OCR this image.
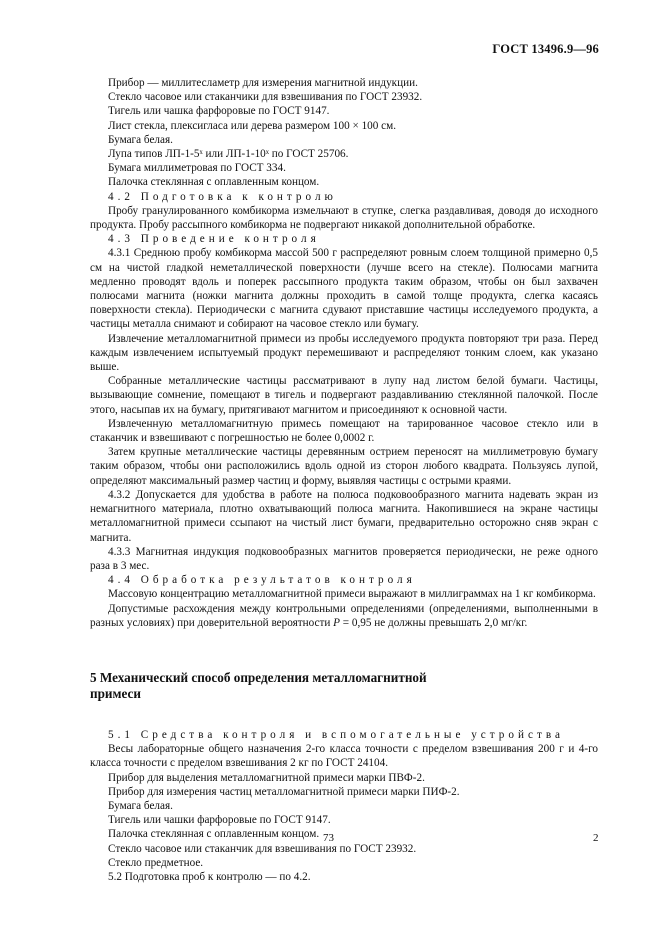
ГОСТ 13496.9—96

Прибор — миллитесламетр для измерения магнитной индукции.

Стекло часовое или стаканчики для взвешивания по ГОСТ 23932.

Тигель или чашка фарфоровые по ГОСТ 9147.

Лист стекла, плексигласа или дерева размером 100 × 100 см.

Бумага белая.

Лупа типов ЛП-1-5ˣ или ЛП-1-10ˣ по ГОСТ 25706.

Бумага миллиметровая по ГОСТ 334.

Палочка стеклянная с оплавленным концом.

4.2 Подготовка к контролю

Пробу гранулированного комбикорма измельчают в ступке, слегка раздавливая, доводя до исходного продукта. Пробу рассыпного комбикорма не подвергают никакой дополнительной обработке.

4.3 Проведение контроля

4.3.1 Среднюю пробу комбикорма массой 500 г распределяют ровным слоем толщиной примерно 0,5 см на чистой гладкой неметаллической поверхности (лучше всего на стекле). Полюсами магнита медленно проводят вдоль и поперек рассыпного продукта таким образом, чтобы он был захвачен полюсами магнита (ножки магнита должны проходить в самой толще продукта, слегка касаясь поверхности стекла). Периодически с магнита сдувают приставшие частицы исследуемого продукта, а частицы металла снимают и собирают на часовое стекло или бумагу.

Извлечение металломагнитной примеси из пробы исследуемого продукта повторяют три раза. Перед каждым извлечением испытуемый продукт перемешивают и распределяют тонким слоем, как указано выше.

Собранные металлические частицы рассматривают в лупу над листом белой бумаги. Частицы, вызывающие сомнение, помещают в тигель и подвергают раздавливанию стеклянной палочкой. После этого, насыпав их на бумагу, притягивают магнитом и присоединяют к основной части.

Извлеченную металломагнитную примесь помещают на тарированное часовое стекло или в стаканчик и взвешивают с погрешностью не более 0,0002 г.

Затем крупные металлические частицы деревянным острием переносят на миллиметровую бумагу таким образом, чтобы они расположились вдоль одной из сторон любого квадрата. Пользуясь лупой, определяют максимальный размер частиц и форму, выявляя частицы с острыми краями.

4.3.2 Допускается для удобства в работе на полюса подковообразного магнита надевать экран из немагнитного материала, плотно охватывающий полюса магнита. Накопившиеся на экране частицы металломагнитной примеси ссыпают на чистый лист бумаги, предварительно осторожно сняв экран с магнита.

4.3.3 Магнитная индукция подковообразных магнитов проверяется периодически, не реже одного раза в 3 мес.

4.4 Обработка результатов контроля

Массовую концентрацию металломагнитной примеси выражают в миллиграммах на 1 кг комбикорма.

Допустимые расхождения между контрольными определениями (определениями, выполненными в разных условиях) при доверительной вероятности P = 0,95 не должны превышать 2,0 мг/кг.

5 Механический способ определения металломагнитной примеси

5.1 Средства контроля и вспомогательные устройства

Весы лабораторные общего назначения 2-го класса точности с пределом взвешивания 200 г и 4-го класса точности с пределом взвешивания 2 кг по ГОСТ 24104.

Прибор для выделения металломагнитной примеси марки ПВФ-2.

Прибор для измерения частиц металломагнитной примеси марки ПИФ-2.

Бумага белая.

Тигель или чашки фарфоровые по ГОСТ 9147.

Палочка стеклянная с оплавленным концом.

Стекло часовое или стаканчик для взвешивания по ГОСТ 23932.

Стекло предметное.

5.2 Подготовка проб к контролю — по 4.2.

73	2
